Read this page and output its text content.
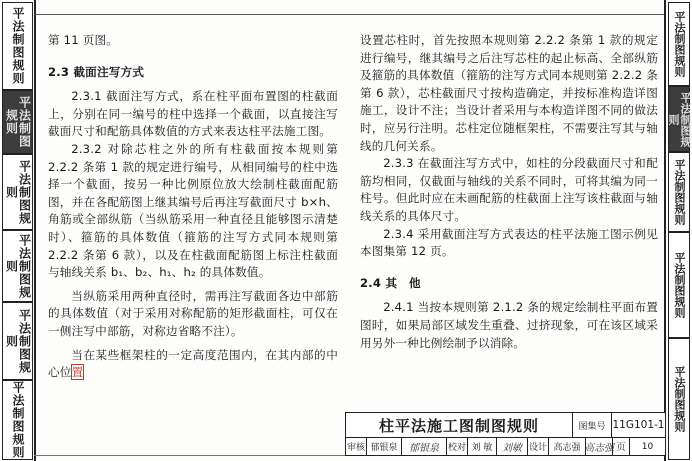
平法制图规则
平法制图规则
平法制图规则
平法制图规则
平法制图规则
平法制图规则
平法制图规则
平法制图规则
平法制图规则
平法制图规则
平法制图规则

第 11 页图。

2.3 截面注写方式

2.3.1 截面注写方式，系在柱平面布置图的柱截面上，分别在同一编号的柱中选择一个截面，以直接注写截面尺寸和配筋具体数值的方式来表达柱平法施工图。

2.3.2 对除芯柱之外的所有柱截面按本规则第 2.2.2 条第 1 款的规定进行编号，从相同编号的柱中选择一个截面，按另一种比例原位放大绘制柱截面配筋图，并在各配筋图上继其编号后再注写截面尺寸 b×h、角筋或全部纵筋（当纵筋采用一种直径且能够图示清楚时）、箍筋的具体数值（箍筋的注写方式同本规则第 2.2.2 条第 6 款），以及在柱截面配筋图上标注柱截面与轴线关系 b₁、b₂、h₁、h₂ 的具体数值。

当纵筋采用两种直径时，需再注写截面各边中部筋的具体数值（对于采用对称配筋的矩形截面柱，可仅在一侧注写中部筋，对称边省略不注）。

当在某些框架柱的一定高度范围内，在其内部的中心位置

设置芯柱时，首先按照本规则第 2.2.2 条第 1 款的规定进行编号，继其编号之后注写芯柱的起止标高、全部纵筋及箍筋的具体数值（箍筋的注写方式同本规则第 2.2.2 条第 6 款），芯柱截面尺寸按构造确定，并按标准构造详图施工，设计不注；当设计者采用与本构造详图不同的做法时，应另行注明。芯柱定位随框架柱，不需要注写其与轴线的几何关系。

2.3.3 在截面注写方式中，如柱的分段截面尺寸和配筋均相同，仅截面与轴线的关系不同时，可将其编为同一柱号。但此时应在未画配筋的柱截面上注写该柱截面与轴线关系的具体尺寸。

2.3.4 采用截面注写方式表达的柱平法施工图示例见本图集第 12 页。

2.4 其　他

2.4.1 当按本规则第 2.1.2 条的规定绘制柱平面布置图时，如果局部区域发生重叠、过挤现象，可在该区域采用另外一种比例绘制予以消除。

柱平法施工图制图规则	图集号 11G101-1
审核 郁银泉	郁银泉 校对 刘 敏 刘敏 设计 高志强 高志强 页	10
